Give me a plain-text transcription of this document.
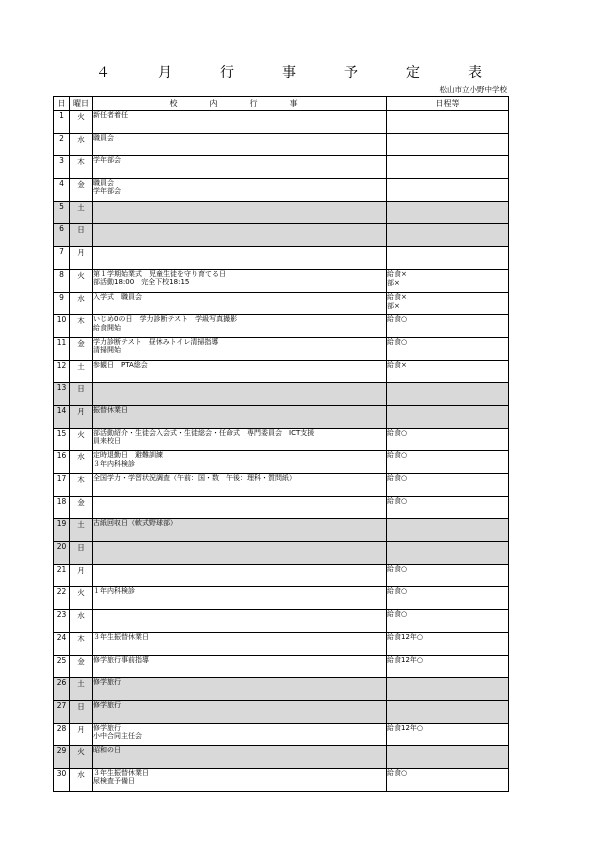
４　月　行　事　予　定　表
松山市立小野中学校
日	曜日	校　内　行　事	日程等
1	火	新任者着任	

2	水	職員会	

3	木	学年部会	

4	金	職員会
学年部会	

5	土		
6	日		
7	月		
8	火	第１学期始業式　児童生徒を守り育てる日
部活動18:00　完全下校18:15	給食×
部×

9	水	入学式　職員会	給食×
部×

10	木	いじめ0の日　学力診断テスト　学級写真撮影
給食開始	給食○

11	金	学力診断テスト　昼休みトイレ清掃指導
清掃開始	給食○

12	土	参観日　PTA総会	給食×

13	日		
14	月	振替休業日	

15	火	部活動紹介・生徒会入会式・生徒総会・任命式　専門委員会　ICT支援
員来校日	給食○

16	水	定時退勤日　避難訓練
３年内科検診	給食○

17	木	全国学力・学習状況調査（午前：国・数　午後：理科・質問紙）	給食○

18	金		給食○

19	土	古紙回収日（軟式野球部）	

20	日		
21	月		給食○

22	火	１年内科検診	給食○

23	水		給食○

24	木	３年生振替休業日	給食12年○

25	金	修学旅行事前指導	給食12年○

26	土	修学旅行	

27	日	修学旅行	

28	月	修学旅行
小中合同主任会	給食12年○

29	火	昭和の日	

30	水	３年生振替休業日
尿検査予備日	給食○
